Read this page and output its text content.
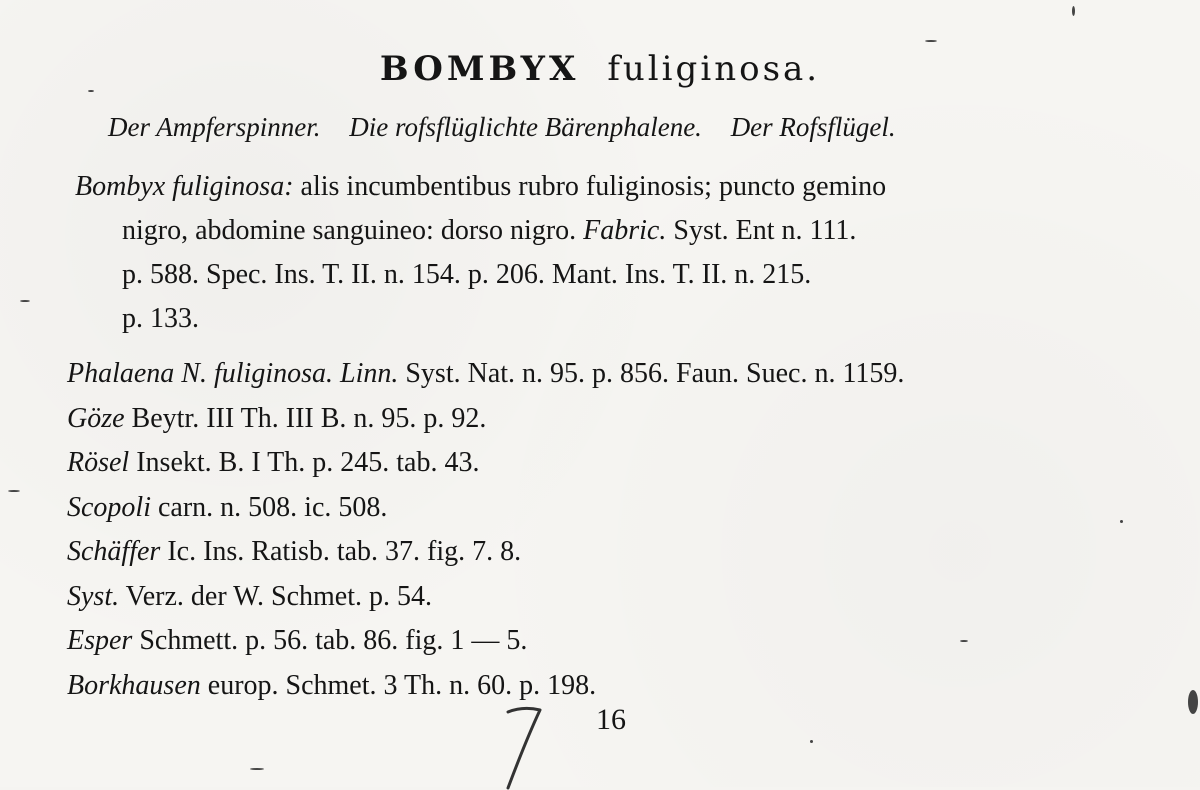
BOMBYX fuliginosa.
Der Ampferspinner. Die rofsflüglichte Bärenphalene. Der Rofsflügel.
Bombyx fuliginosa: alis incumbentibus rubro fuliginosis; puncto gemino
nigro, abdomine sanguineo: dorso nigro. Fabric. Syst. Ent n. 111.
p. 588. Spec. Ins. T. II. n. 154. p. 206. Mant. Ins. T. II. n. 215.
p. 133.
Phalaena N. fuliginosa. Linn. Syst. Nat. n. 95. p. 856. Faun. Suec. n. 1159.
Göze Beytr. III Th. III B. n. 95. p. 92.
Rösel Insekt. B. I Th. p. 245. tab. 43.
Scopoli carn. n. 508. ic. 508.
Schäffer Ic. Ins. Ratisb. tab. 37. fig. 7. 8.
Syst. Verz. der W. Schmet. p. 54.
Esper Schmett. p. 56. tab. 86. fig. 1 — 5.
Borkhausen europ. Schmet. 3 Th. n. 60. p. 198.
16
